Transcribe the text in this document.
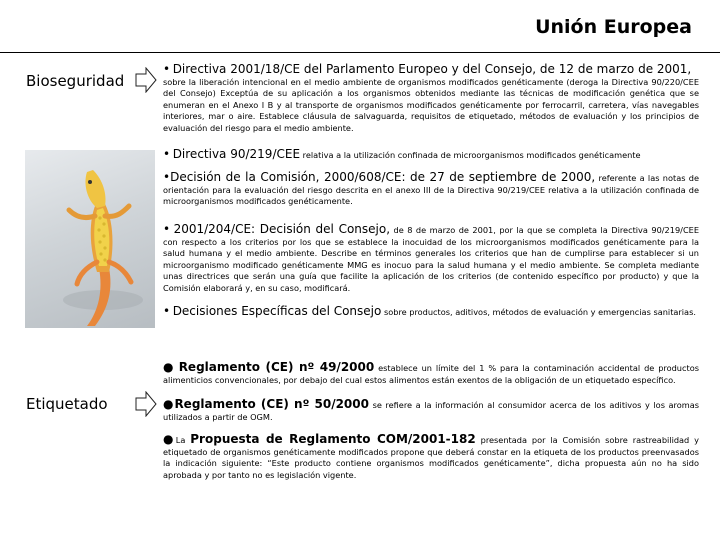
Unión Europea
Bioseguridad
Etiquetado
• Directiva 2001/18/CE del Parlamento Europeo y del Consejo, de 12 de marzo de 2001,
sobre la liberación intencional en el medio ambiente de organismos modificados genéticamente (deroga la Directiva 90/220/CEE del Consejo) Exceptúa de su aplicación a los organismos obtenidos mediante las técnicas de modificación genética que se enumeran en el Anexo I B y al transporte de organismos modificados genéticamente por ferrocarril, carretera, vías navegables interiores, mar o aire. Establece cláusula de salvaguarda, requisitos de etiquetado, métodos de evaluación y los principios de evaluación del riesgo para el medio ambiente.
• Directiva 90/219/CEE relativa a la utilización confinada de microorganismos modificados genéticamente
•Decisión de la Comisión, 2000/608/CE: de 27 de septiembre de 2000, referente a las notas de orientación para la evaluación del riesgo descrita en el anexo III de la Directiva 90/219/CEE relativa a la utilización confinada de microorganismos modificados genéticamente.
• 2001/204/CE: Decisión del Consejo, de 8 de marzo de 2001, por la que se completa la Directiva 90/219/CEE con respecto a los criterios por los que se establece la inocuidad de los microorganismos modificados genéticamente para la salud humana y el medio ambiente. Describe en términos generales los criterios que han de cumplirse para establecer si un microorganismo modificado genéticamente MMG es inocuo para la salud humana y el medio ambiente. Se completa mediante unas directrices que serán una guía que facilite la aplicación de los criterios (de contenido específico por producto) y que la Comisión elaborará y, en su caso, modificará.
• Decisiones Específicas del Consejo sobre productos, aditivos, métodos de evaluación y emergencias sanitarias.
● Reglamento (CE) nº 49/2000 establece un límite del 1 % para la contaminación accidental de productos alimenticios convencionales, por debajo del cual estos alimentos están exentos de la obligación de un etiquetado específico.
●Reglamento (CE) nº 50/2000 se refiere a la información al consumidor acerca de los aditivos y los aromas utilizados a partir de OGM.
●La Propuesta de Reglamento COM/2001-182 presentada por la Comisión sobre rastreabilidad y etiquetado de organismos genéticamente modificados propone que deberá constar en la etiqueta de los productos preenvasados la indicación siguiente: “Este producto contiene organismos modificados genéticamente”, dicha propuesta aún no ha sido aprobada y por tanto no es legislación vigente.
